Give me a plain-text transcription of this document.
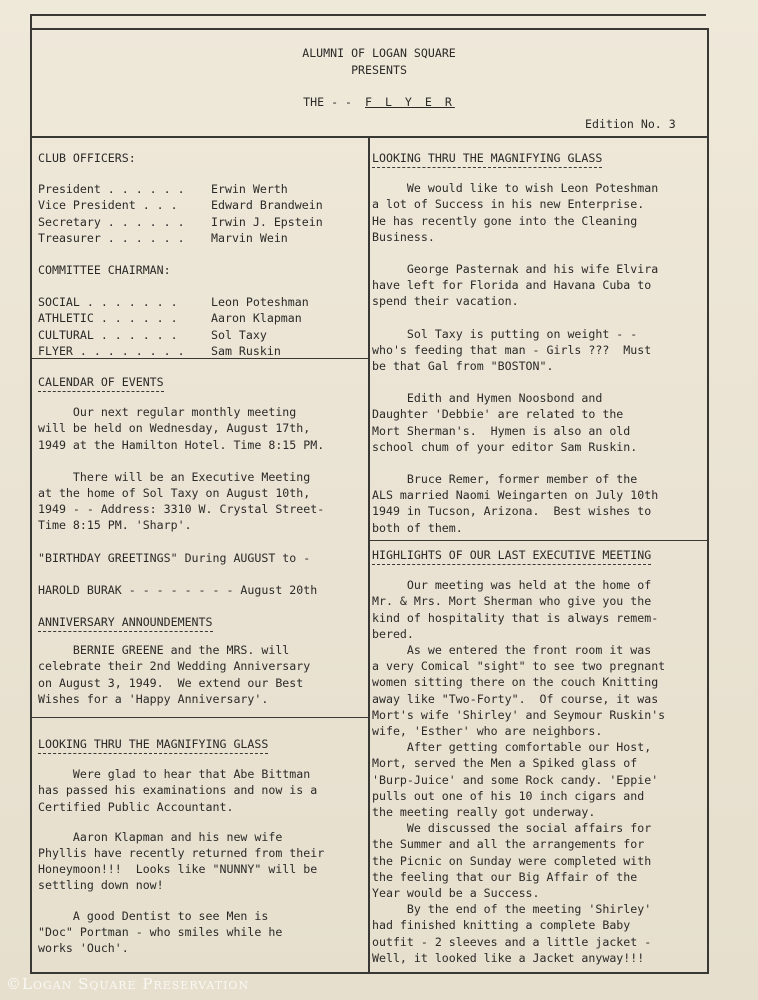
ALUMNI OF LOGAN SQUARE
PRESENTS
THE - - F L Y E R
Edition No. 3
CLUB OFFICERS:
President . . . . . .	Erwin Werth
Vice President . . .	Edward Brandwein
Secretary . . . . . .	Irwin J. Epstein
Treasurer . . . . . .	Marvin Wein
COMMITTEE CHAIRMAN:
SOCIAL . . . . . . .	Leon Poteshman
ATHLETIC . . . . . .	Aaron Klapman
CULTURAL . . . . . .	Sol Taxy
FLYER . . . . . . . .	Sam Ruskin
CALENDAR OF EVENTS
Our next regular monthly meeting
will be held on Wednesday, August 17th,
1949 at the Hamilton Hotel. Time 8:15 PM.
There will be an Executive Meeting
at the home of Sol Taxy on August 10th,
1949 - - Address: 3310 W. Crystal Street-
Time 8:15 PM. 'Sharp'.
"BIRTHDAY GREETINGS" During AUGUST to -
HAROLD BURAK - - - - - - - - August 20th
ANNIVERSARY ANNOUNDEMENTS
BERNIE GREENE and the MRS. will
celebrate their 2nd Wedding Anniversary
on August 3, 1949.  We extend our Best
Wishes for a 'Happy Anniversary'.
LOOKING THRU THE MAGNIFYING GLASS
Were glad to hear that Abe Bittman
has passed his examinations and now is a
Certified Public Accountant.
Aaron Klapman and his new wife
Phyllis have recently returned from their
Honeymoon!!!  Looks like "NUNNY" will be
settling down now!
A good Dentist to see Men is
"Doc" Portman - who smiles while he
works 'Ouch'.
LOOKING THRU THE MAGNIFYING GLASS
We would like to wish Leon Poteshman
a lot of Success in his new Enterprise.
He has recently gone into the Cleaning
Business.
George Pasternak and his wife Elvira
have left for Florida and Havana Cuba to
spend their vacation.
Sol Taxy is putting on weight - -
who's feeding that man - Girls ???  Must
be that Gal from "BOSTON".
Edith and Hymen Noosbond and
Daughter 'Debbie' are related to the
Mort Sherman's.  Hymen is also an old
school chum of your editor Sam Ruskin.
Bruce Remer, former member of the
ALS married Naomi Weingarten on July 10th
1949 in Tucson, Arizona.  Best wishes to
both of them.
HIGHLIGHTS OF OUR LAST EXECUTIVE MEETING
Our meeting was held at the home of
Mr. & Mrs. Mort Sherman who give you the
kind of hospitality that is always remem-
bered.
As we entered the front room it was
a very Comical "sight" to see two pregnant
women sitting there on the couch Knitting
away like "Two-Forty".  Of course, it was
Mort's wife 'Shirley' and Seymour Ruskin's
wife, 'Esther' who are neighbors.
After getting comfortable our Host,
Mort, served the Men a Spiked glass of
'Burp-Juice' and some Rock candy. 'Eppie'
pulls out one of his 10 inch cigars and
the meeting really got underway.
We discussed the social affairs for
the Summer and all the arrangements for
the Picnic on Sunday were completed with
the feeling that our Big Affair of the
Year would be a Success.
By the end of the meeting 'Shirley'
had finished knitting a complete Baby
outfit - 2 sleeves and a little jacket -
Well, it looked like a Jacket anyway!!!
©Logan Square Preservation
